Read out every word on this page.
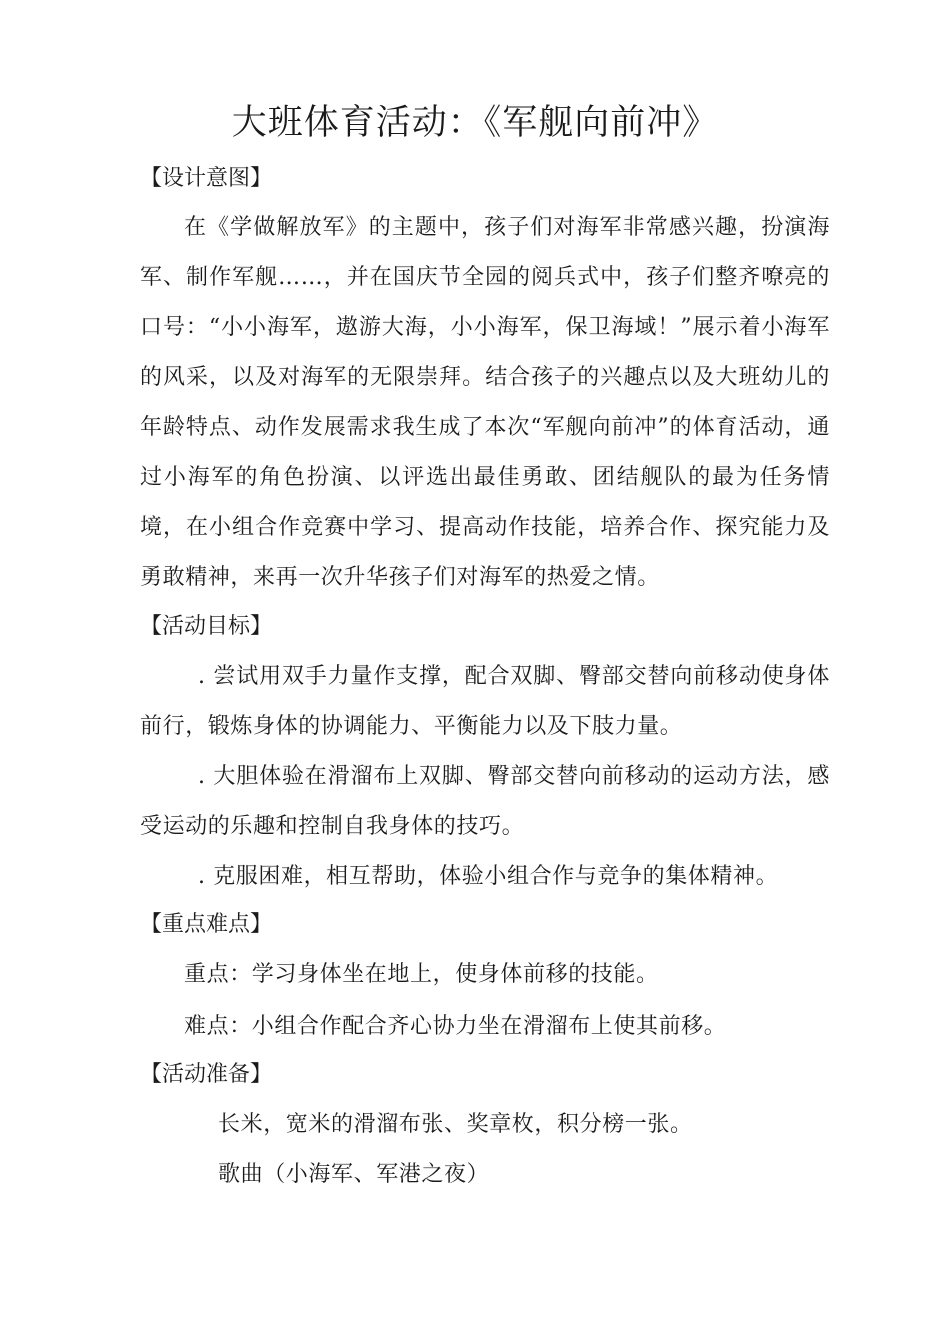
大班体育活动：《军舰向前冲》
【设计意图】

在《学做解放军》的主题中，孩子们对海军非常感兴趣，扮演海军、制作军舰……，并在国庆节全园的阅兵式中，孩子们整齐嘹亮的口号：“小小海军，遨游大海，小小海军，保卫海域！”展示着小海军的风采，以及对海军的无限崇拜。结合孩子的兴趣点以及大班幼儿的年龄特点、动作发展需求我生成了本次“军舰向前冲”的体育活动，通过小海军的角色扮演、以评选出最佳勇敢、团结舰队的最为任务情境，在小组合作竞赛中学习、提高动作技能，培养合作、探究能力及勇敢精神，来再一次升华孩子们对海军的热爱之情。

【活动目标】

. 尝试用双手力量作支撑，配合双脚、臀部交替向前移动使身体前行，锻炼身体的协调能力、平衡能力以及下肢力量。

. 大胆体验在滑溜布上双脚、臀部交替向前移动的运动方法，感受运动的乐趣和控制自我身体的技巧。

. 克服困难，相互帮助，体验小组合作与竞争的集体精神。

【重点难点】
重点：学习身体坐在地上，使身体前移的技能。
难点：小组合作配合齐心协力坐在滑溜布上使其前移。
【活动准备】
长米，宽米的滑溜布张、奖章枚，积分榜一张。
歌曲（小海军、军港之夜）
